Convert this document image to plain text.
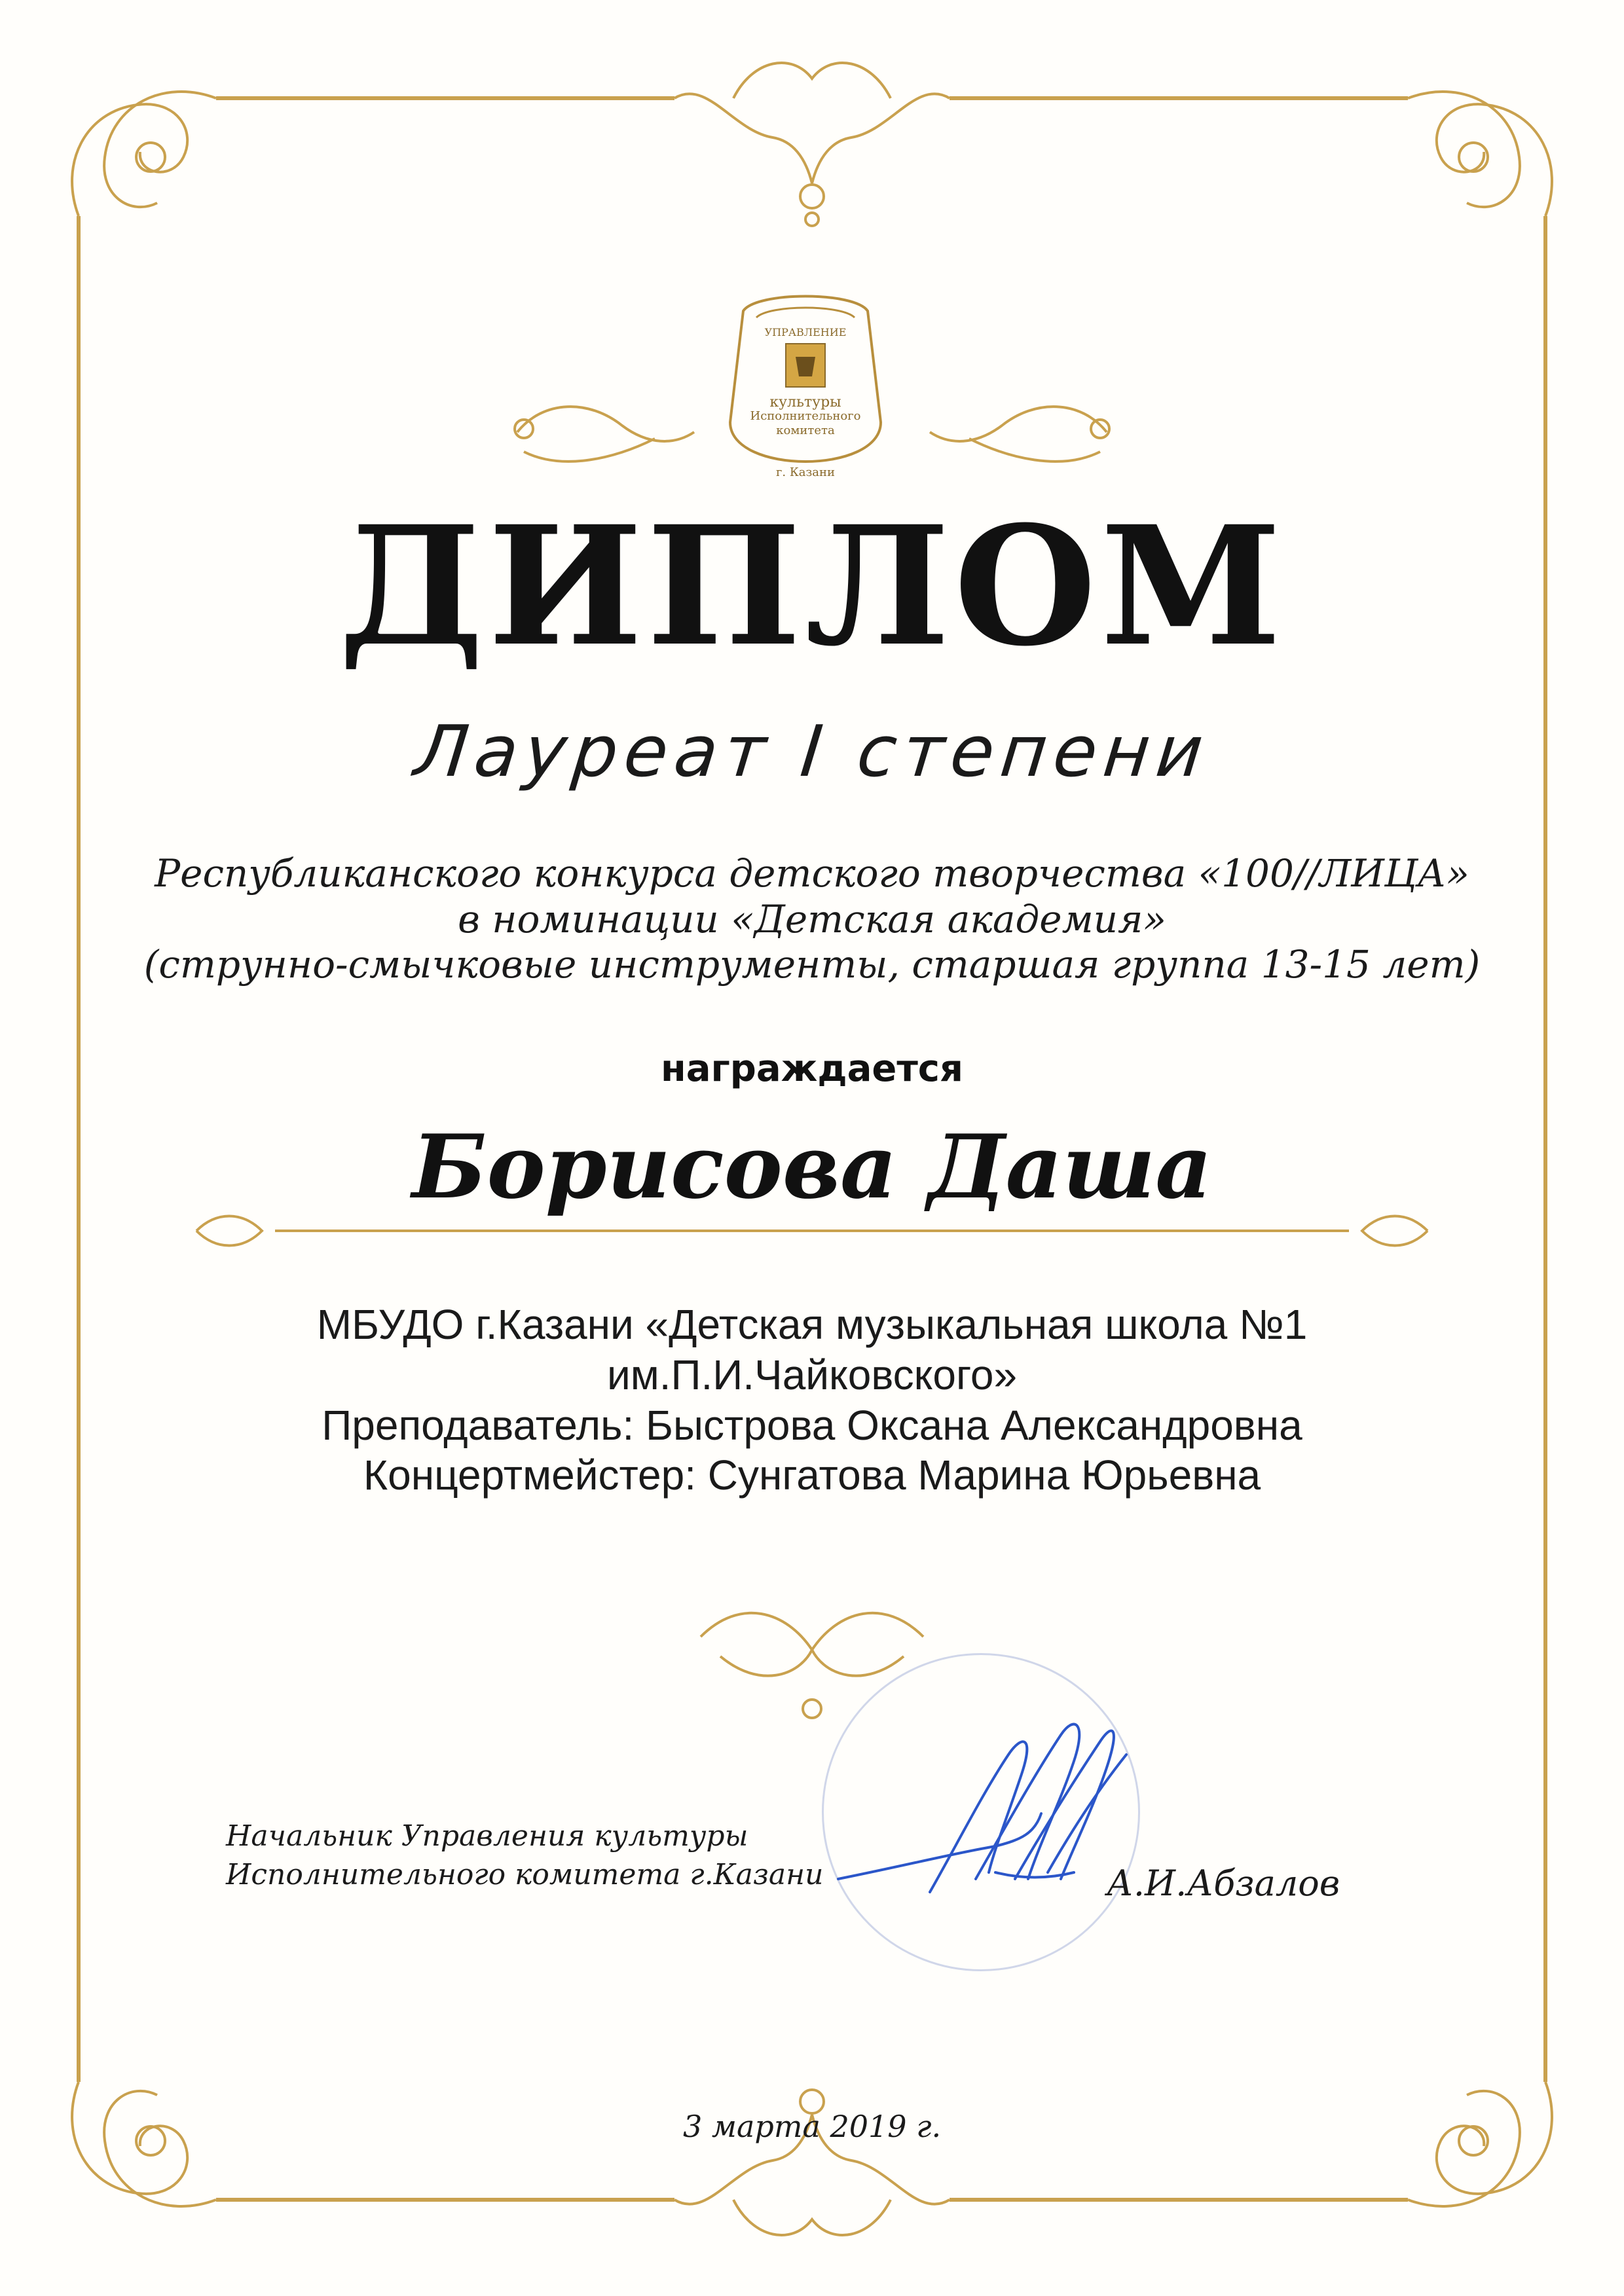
УПРАВЛЕНИЕ
культуры
Исполнительного
комитета
г. Казани
ДИПЛОМ
Лауреат I степени
Республиканского конкурса детского творчества «100//ЛИЦА»
в номинации «Детская академия»
(струнно-смычковые инструменты, старшая группа 13-15 лет)
награждается
Борисова Даша
МБУДО г.Казани «Детская музыкальная школа №1
им.П.И.Чайковского»
Преподаватель: Быстрова Оксана Александровна
Концертмейстер: Сунгатова Марина Юрьевна
Начальник Управления культуры
Исполнительного комитета г.Казани	А.И.Абзалов
3 марта 2019 г.
